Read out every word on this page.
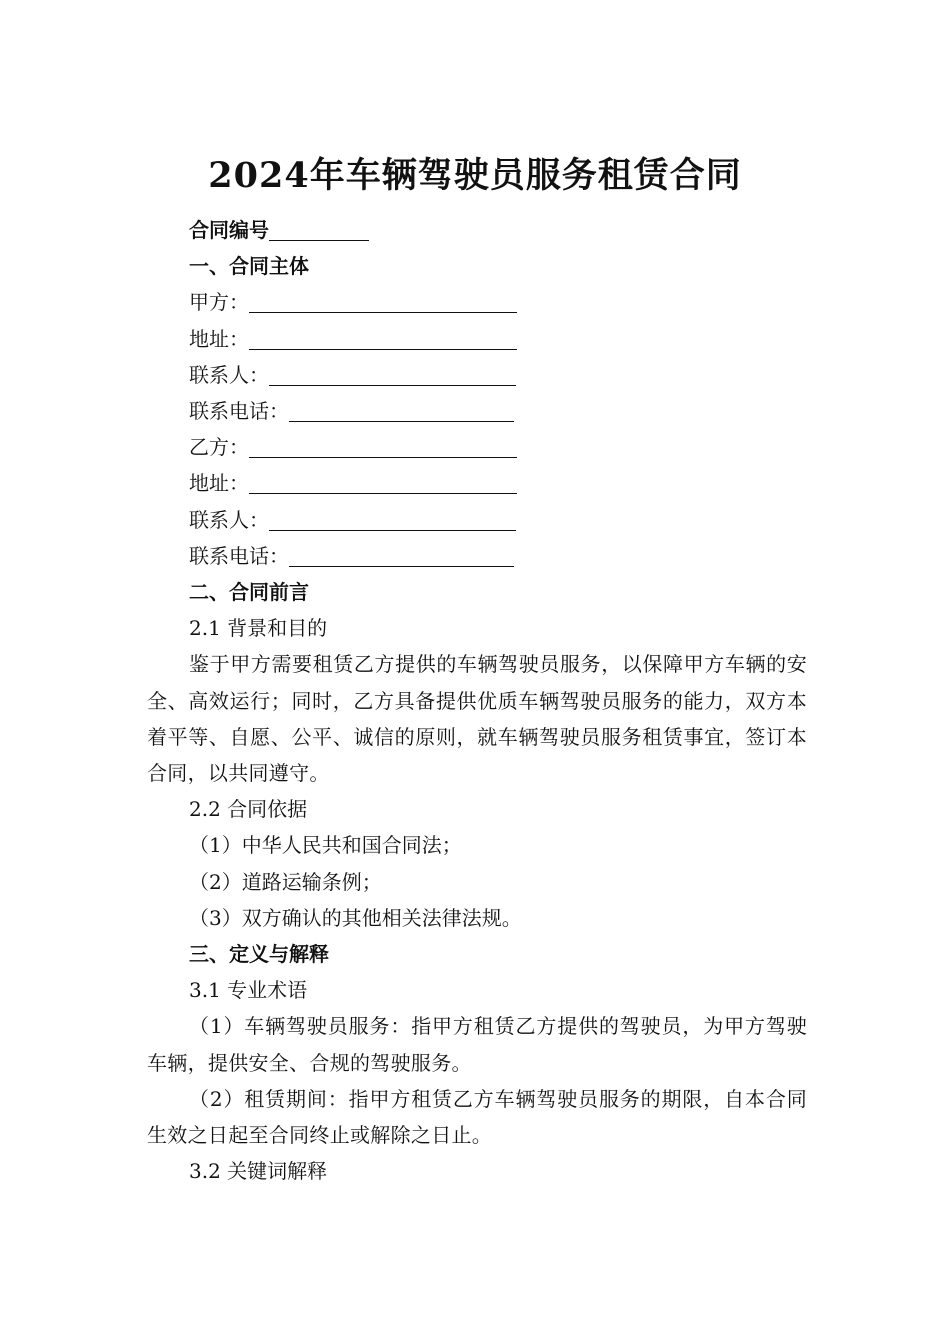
2024年车辆驾驶员服务租赁合同

合同编号

一、合同主体

甲方：

地址：

联系人：

联系电话：

乙方：

地址：

联系人：

联系电话：

二、合同前言

2.1 背景和目的

鉴于甲方需要租赁乙方提供的车辆驾驶员服务，以保障甲方车辆的安全、高效运行；同时，乙方具备提供优质车辆驾驶员服务的能力，双方本着平等、自愿、公平、诚信的原则，就车辆驾驶员服务租赁事宜，签订本合同，以共同遵守。

2.2 合同依据

（1）中华人民共和国合同法；

（2）道路运输条例；

（3）双方确认的其他相关法律法规。

三、定义与解释

3.1 专业术语

（1）车辆驾驶员服务：指甲方租赁乙方提供的驾驶员，为甲方驾驶车辆，提供安全、合规的驾驶服务。

（2）租赁期间：指甲方租赁乙方车辆驾驶员服务的期限，自本合同生效之日起至合同终止或解除之日止。

3.2 关键词解释
